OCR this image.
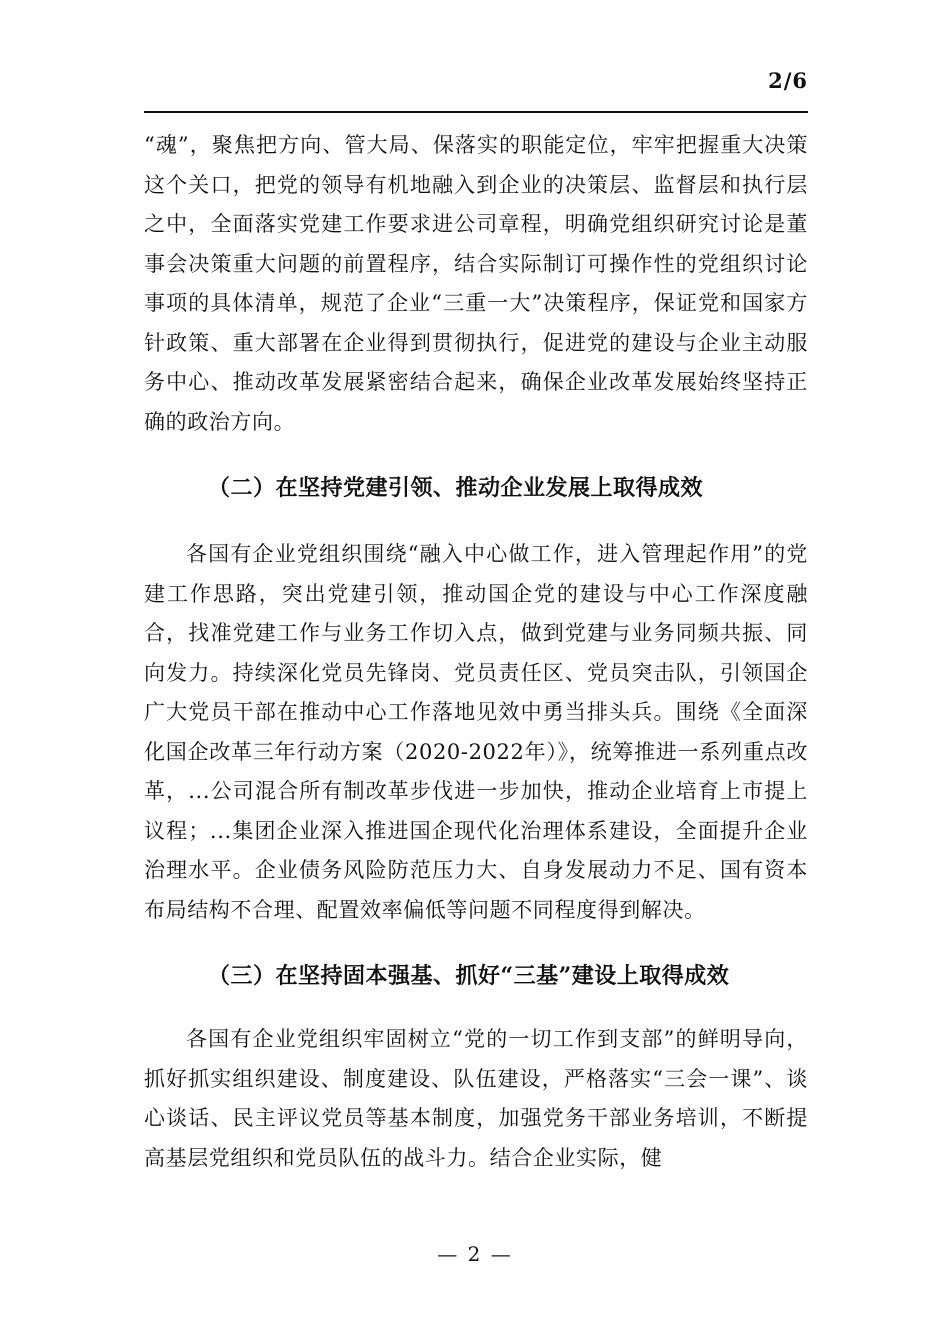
2/6

“魂”，聚焦把方向、管大局、保落实的职能定位，牢牢把握重大决策这个关口，把党的领导有机地融入到企业的决策层、监督层和执行层之中，全面落实党建工作要求进公司章程，明确党组织研究讨论是董事会决策重大问题的前置程序，结合实际制订可操作性的党组织讨论事项的具体清单，规范了企业“三重一大”决策程序，保证党和国家方针政策、重大部署在企业得到贯彻执行，促进党的建设与企业主动服务中心、推动改革发展紧密结合起来，确保企业改革发展始终坚持正确的政治方向。

（二）在坚持党建引领、推动企业发展上取得成效

各国有企业党组织围绕“融入中心做工作，进入管理起作用”的党建工作思路，突出党建引领，推动国企党的建设与中心工作深度融合，找准党建工作与业务工作切入点，做到党建与业务同频共振、同向发力。持续深化党员先锋岗、党员责任区、党员突击队，引领国企广大党员干部在推动中心工作落地见效中勇当排头兵。围绕《全面深化国企改革三年行动方案（2020-2022年）》，统筹推进一系列重点改革，...公司混合所有制改革步伐进一步加快，推动企业培育上市提上议程；...集团企业深入推进国企现代化治理体系建设，全面提升企业治理水平。企业债务风险防范压力大、自身发展动力不足、国有资本布局结构不合理、配置效率偏低等问题不同程度得到解决。

（三）在坚持固本强基、抓好“三基”建设上取得成效

各国有企业党组织牢固树立“党的一切工作到支部”的鲜明导向，抓好抓实组织建设、制度建设、队伍建设，严格落实“三会一课”、谈心谈话、民主评议党员等基本制度，加强党务干部业务培训，不断提高基层党组织和党员队伍的战斗力。结合企业实际，健

— 2 —
